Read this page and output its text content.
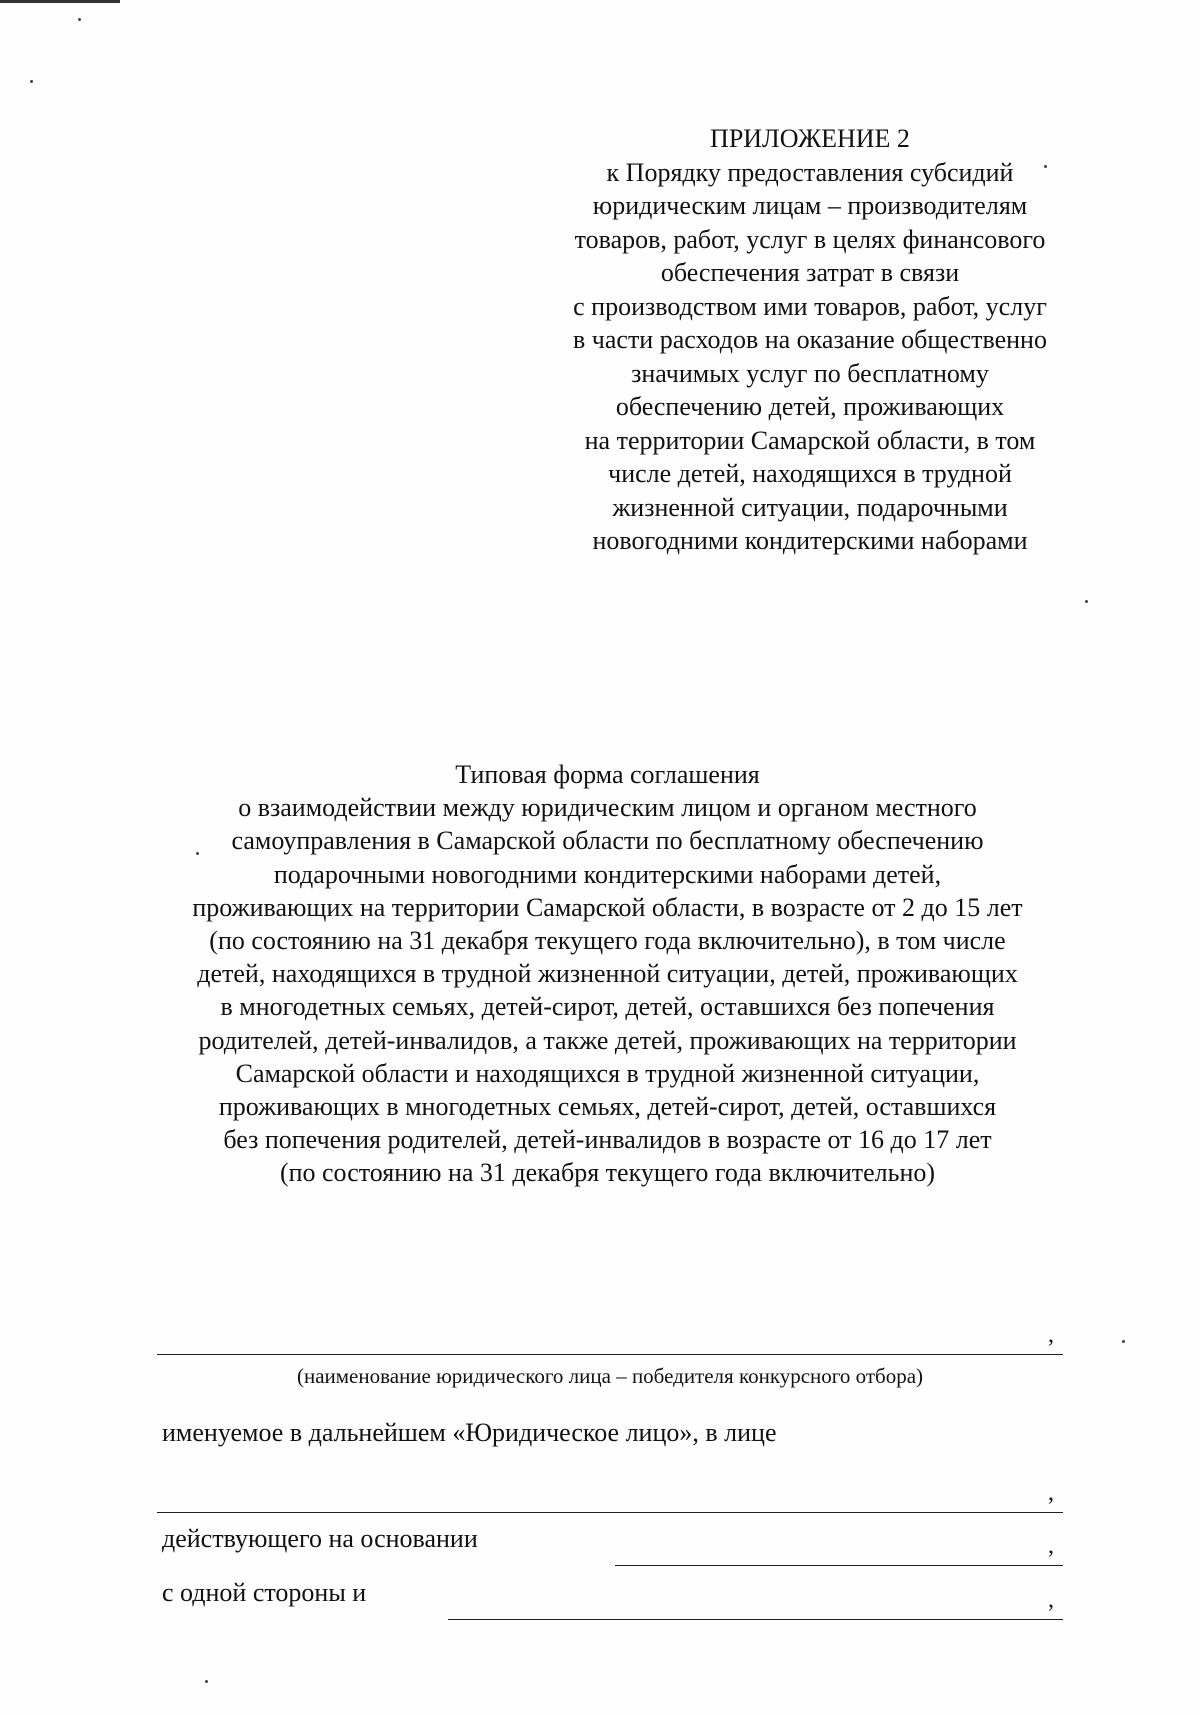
ПРИЛОЖЕНИЕ 2
к Порядку предоставления субсидий
юридическим лицам – производителям
товаров, работ, услуг в целях финансового
обеспечения затрат в связи
с производством ими товаров, работ, услуг
в части расходов на оказание общественно
значимых услуг по бесплатному
обеспечению детей, проживающих
на территории Самарской области, в том
числе детей, находящихся в трудной
жизненной ситуации, подарочными
новогодними кондитерскими наборами
Типовая форма соглашения
о взаимодействии между юридическим лицом и органом местного
самоуправления в Самарской области по бесплатному обеспечению
подарочными новогодними кондитерскими наборами детей,
проживающих на территории Самарской области, в возрасте от 2 до 15 лет
(по состоянию на 31 декабря текущего года включительно), в том числе
детей, находящихся в трудной жизненной ситуации, детей, проживающих
в многодетных семьях, детей-сирот, детей, оставшихся без попечения
родителей, детей-инвалидов, а также детей, проживающих на территории
Самарской области и находящихся в трудной жизненной ситуации,
проживающих в многодетных семьях, детей-сирот, детей, оставшихся
без попечения родителей, детей-инвалидов в возрасте от 16 до 17 лет
(по состоянию на 31 декабря текущего года включительно)
,
(наименование юридического лица – победителя конкурсного отбора)
именуемое в дальнейшем «Юридическое лицо», в лице
,
действующего на основании	,
с одной стороны и	,
